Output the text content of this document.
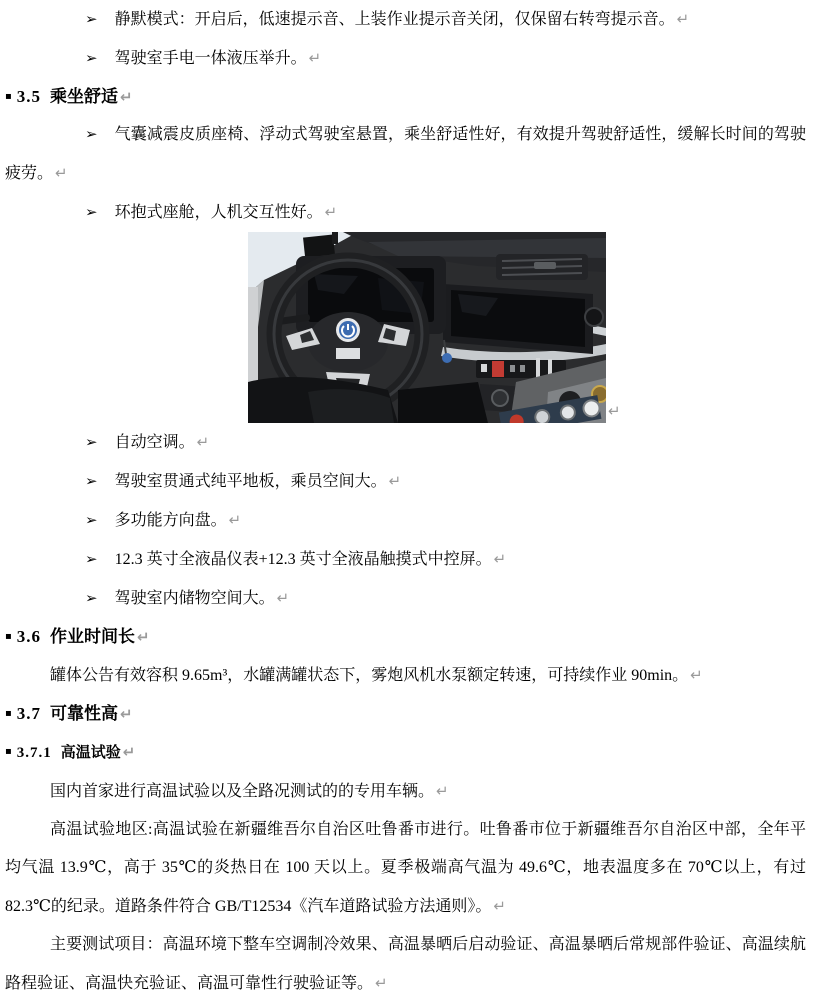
➢ 静默模式：开启后，低速提示音、上装作业提示音关闭，仅保留右转弯提示音。 ↵

➢ 驾驶室手电一体液压举升。 ↵

▪ 3.5 乘坐舒适 ↵

➢ 气囊减震皮质座椅、浮动式驾驶室悬置，乘坐舒适性好，有效提升驾驶舒适性，缓解长时间的驾驶疲劳。 ↵

➢ 环抱式座舱，人机交互性好。 ↵

↵

➢ 自动空调。 ↵

➢ 驾驶室贯通式纯平地板，乘员空间大。 ↵

➢ 多功能方向盘。 ↵

➢ 12.3 英寸全液晶仪表+12.3 英寸全液晶触摸式中控屏。 ↵

➢ 驾驶室内储物空间大。 ↵

▪ 3.6 作业时间长 ↵

罐体公告有效容积 9.65m³，水罐满罐状态下，雾炮风机水泵额定转速，可持续作业 90min。 ↵

▪ 3.7 可靠性高 ↵
▪ 3.7.1 高温试验 ↵

国内首家进行高温试验以及全路况测试的的专用车辆。 ↵

高温试验地区:高温试验在新疆维吾尔自治区吐鲁番市进行。吐鲁番市位于新疆维吾尔自治区中部，全年平均气温 13.9℃，高于 35℃的炎热日在 100 天以上。夏季极端高气温为 49.6℃，地表温度多在 70℃以上，有过 82.3℃的纪录。道路条件符合 GB/T12534《汽车道路试验方法通则》。 ↵

主要测试项目：高温环境下整车空调制冷效果、高温暴晒后启动验证、高温暴晒后常规部件验证、高温续航路程验证、高温快充验证、高温可靠性行驶验证等。 ↵
